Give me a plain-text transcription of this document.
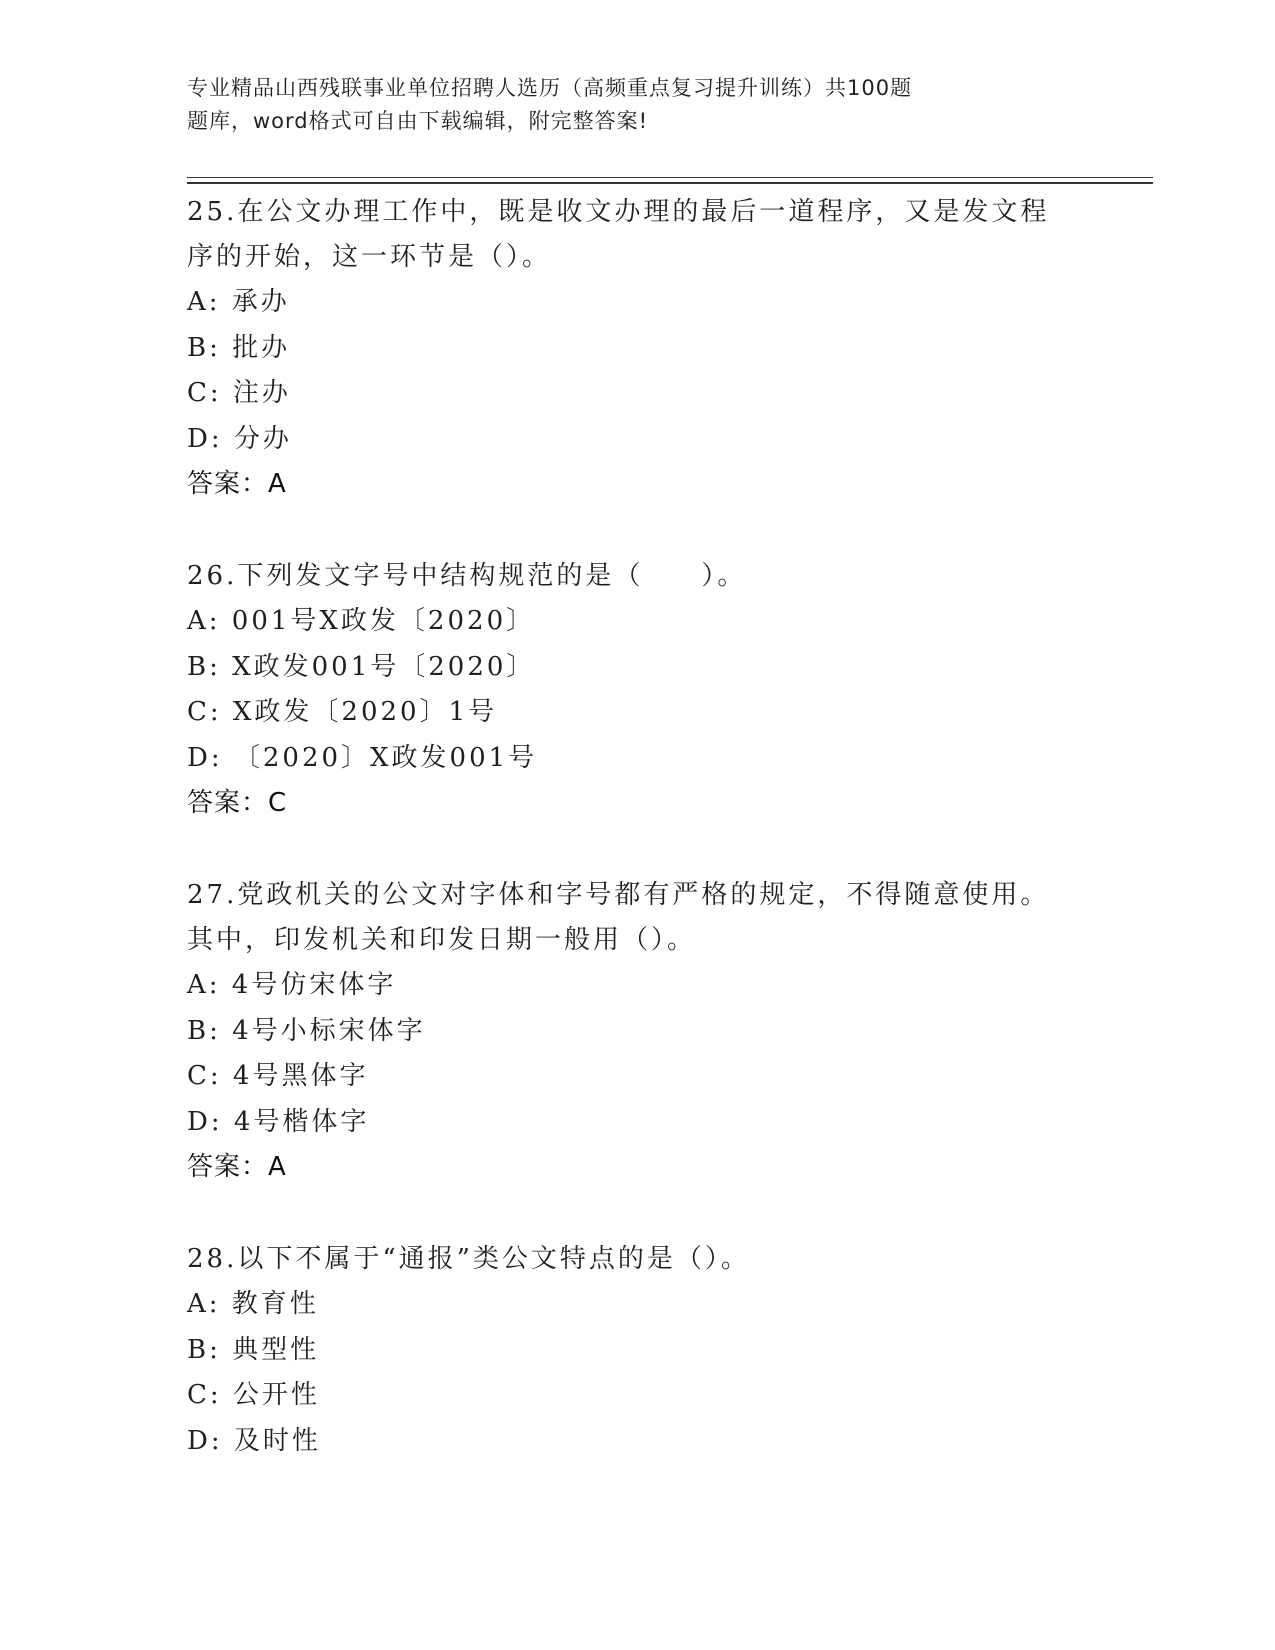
专业精品山西残联事业单位招聘人选历（高频重点复习提升训练）共100题
题库，word格式可自由下载编辑，附完整答案!
25.在公文办理工作中，既是收文办理的最后一道程序，又是发文程序的开始，这一环节是（）。
A: 承办
B: 批办
C: 注办
D: 分办
答案：A
26.下列发文字号中结构规范的是（　　）。
A: 001号X政发〔2020〕
B: X政发001号〔2020〕
C: X政发〔2020〕1号
D: 〔2020〕X政发001号
答案：C
27.党政机关的公文对字体和字号都有严格的规定，不得随意使用。其中，印发机关和印发日期一般用（）。
A: 4号仿宋体字
B: 4号小标宋体字
C: 4号黑体字
D: 4号楷体字
答案：A
28.以下不属于“通报”类公文特点的是（）。
A: 教育性
B: 典型性
C: 公开性
D: 及时性
